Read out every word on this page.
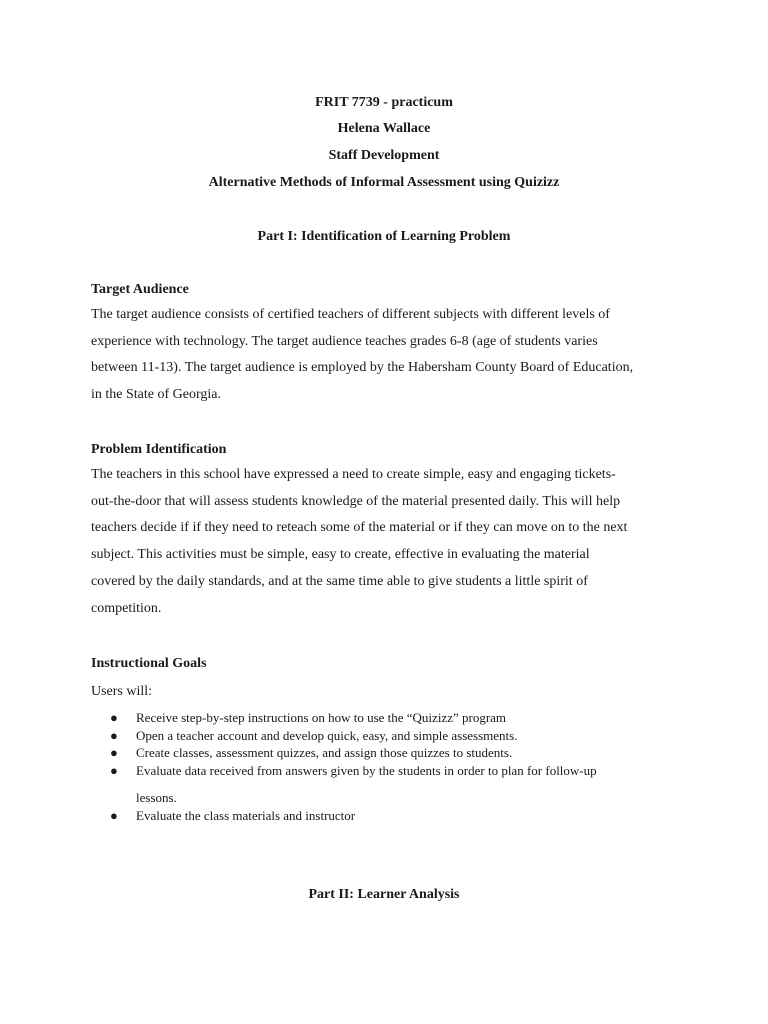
FRIT 7739 - practicum
Helena Wallace
Staff Development
Alternative Methods of Informal Assessment using Quizizz
Part I: Identification of Learning Problem
Target Audience
The target audience consists of certified teachers of different subjects with different levels of
experience with technology. The target audience teaches grades 6-8 (age of students varies
between 11-13). The target audience is employed by the Habersham County Board of Education,
in the State of Georgia.
Problem Identification
The teachers in this school have expressed a need to create simple, easy and engaging tickets-
out-the-door that will assess students knowledge of the material presented daily. This will help
teachers decide if if they need to reteach some of the material or if they can move on to the next
subject. This activities must be simple, easy to create, effective in evaluating the material
covered by the daily standards, and at the same time able to give students a little spirit of
competition.
Instructional Goals
Users will:
● Receive step-by-step instructions on how to use the “Quizizz” program
● Open a teacher account and develop quick, easy, and simple assessments.
● Create classes, assessment quizzes, and assign those quizzes to students.
● Evaluate data received from answers given by the students in order to plan for follow-up
lessons.
● Evaluate the class materials and instructor
Part II: Learner Analysis
